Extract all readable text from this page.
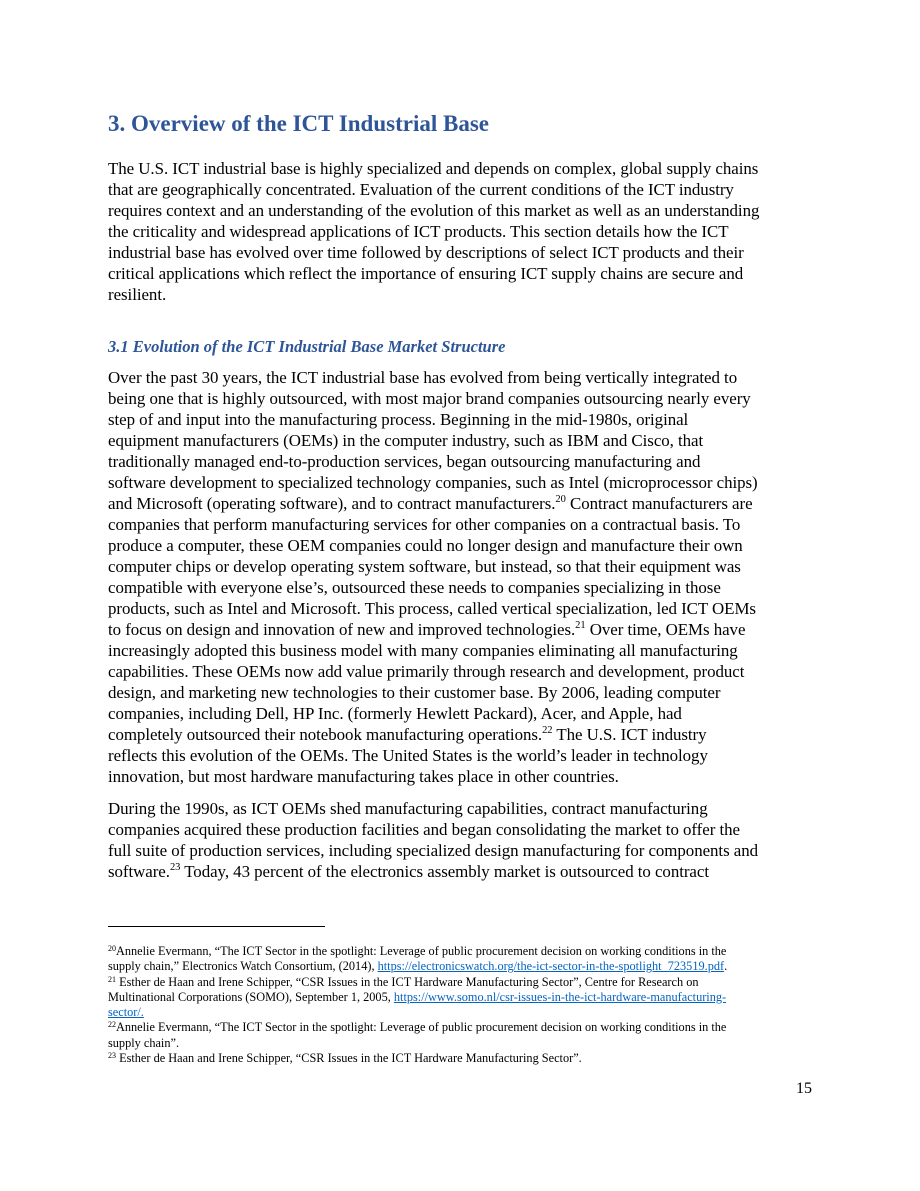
3. Overview of the ICT Industrial Base

The U.S. ICT industrial base is highly specialized and depends on complex, global supply chains
that are geographically concentrated. Evaluation of the current conditions of the ICT industry
requires context and an understanding of the evolution of this market as well as an understanding
the criticality and widespread applications of ICT products. This section details how the ICT
industrial base has evolved over time followed by descriptions of select ICT products and their
critical applications which reflect the importance of ensuring ICT supply chains are secure and
resilient.

3.1 Evolution of the ICT Industrial Base Market Structure

Over the past 30 years, the ICT industrial base has evolved from being vertically integrated to
being one that is highly outsourced, with most major brand companies outsourcing nearly every
step of and input into the manufacturing process. Beginning in the mid-1980s, original
equipment manufacturers (OEMs) in the computer industry, such as IBM and Cisco, that
traditionally managed end-to-production services, began outsourcing manufacturing and
software development to specialized technology companies, such as Intel (microprocessor chips)
and Microsoft (operating software), and to contract manufacturers.$^{20}$ Contract manufacturers are
companies that perform manufacturing services for other companies on a contractual basis. To
produce a computer, these OEM companies could no longer design and manufacture their own
computer chips or develop operating system software, but instead, so that their equipment was
compatible with everyone else’s, outsourced these needs to companies specializing in those
products, such as Intel and Microsoft. This process, called vertical specialization, led ICT OEMs
to focus on design and innovation of new and improved technologies.$^{21}$ Over time, OEMs have
increasingly adopted this business model with many companies eliminating all manufacturing
capabilities. These OEMs now add value primarily through research and development, product
design, and marketing new technologies to their customer base. By 2006, leading computer
companies, including Dell, HP Inc. (formerly Hewlett Packard), Acer, and Apple, had
completely outsourced their notebook manufacturing operations.$^{22}$ The U.S. ICT industry
reflects this evolution of the OEMs. The United States is the world’s leader in technology
innovation, but most hardware manufacturing takes place in other countries.

During the 1990s, as ICT OEMs shed manufacturing capabilities, contract manufacturing
companies acquired these production facilities and began consolidating the market to offer the
full suite of production services, including specialized design manufacturing for components and
software.$^{23}$ Today, 43 percent of the electronics assembly market is outsourced to contract

$^{20}$Annelie Evermann, “The ICT Sector in the spotlight: Leverage of public procurement decision on working conditions in the
supply chain,” Electronics Watch Consortium, (2014), https://electronicswatch.org/the-ict-sector-in-the-spotlight_723519.pdf.
$^{21}$ Esther de Haan and Irene Schipper, “CSR Issues in the ICT Hardware Manufacturing Sector”, Centre for Research on
Multinational Corporations (SOMO), September 1, 2005, https://www.somo.nl/csr-issues-in-the-ict-hardware-manufacturing-
sector/.
$^{22}$Annelie Evermann, “The ICT Sector in the spotlight: Leverage of public procurement decision on working conditions in the
supply chain”.
$^{23}$ Esther de Haan and Irene Schipper, “CSR Issues in the ICT Hardware Manufacturing Sector”.
15
